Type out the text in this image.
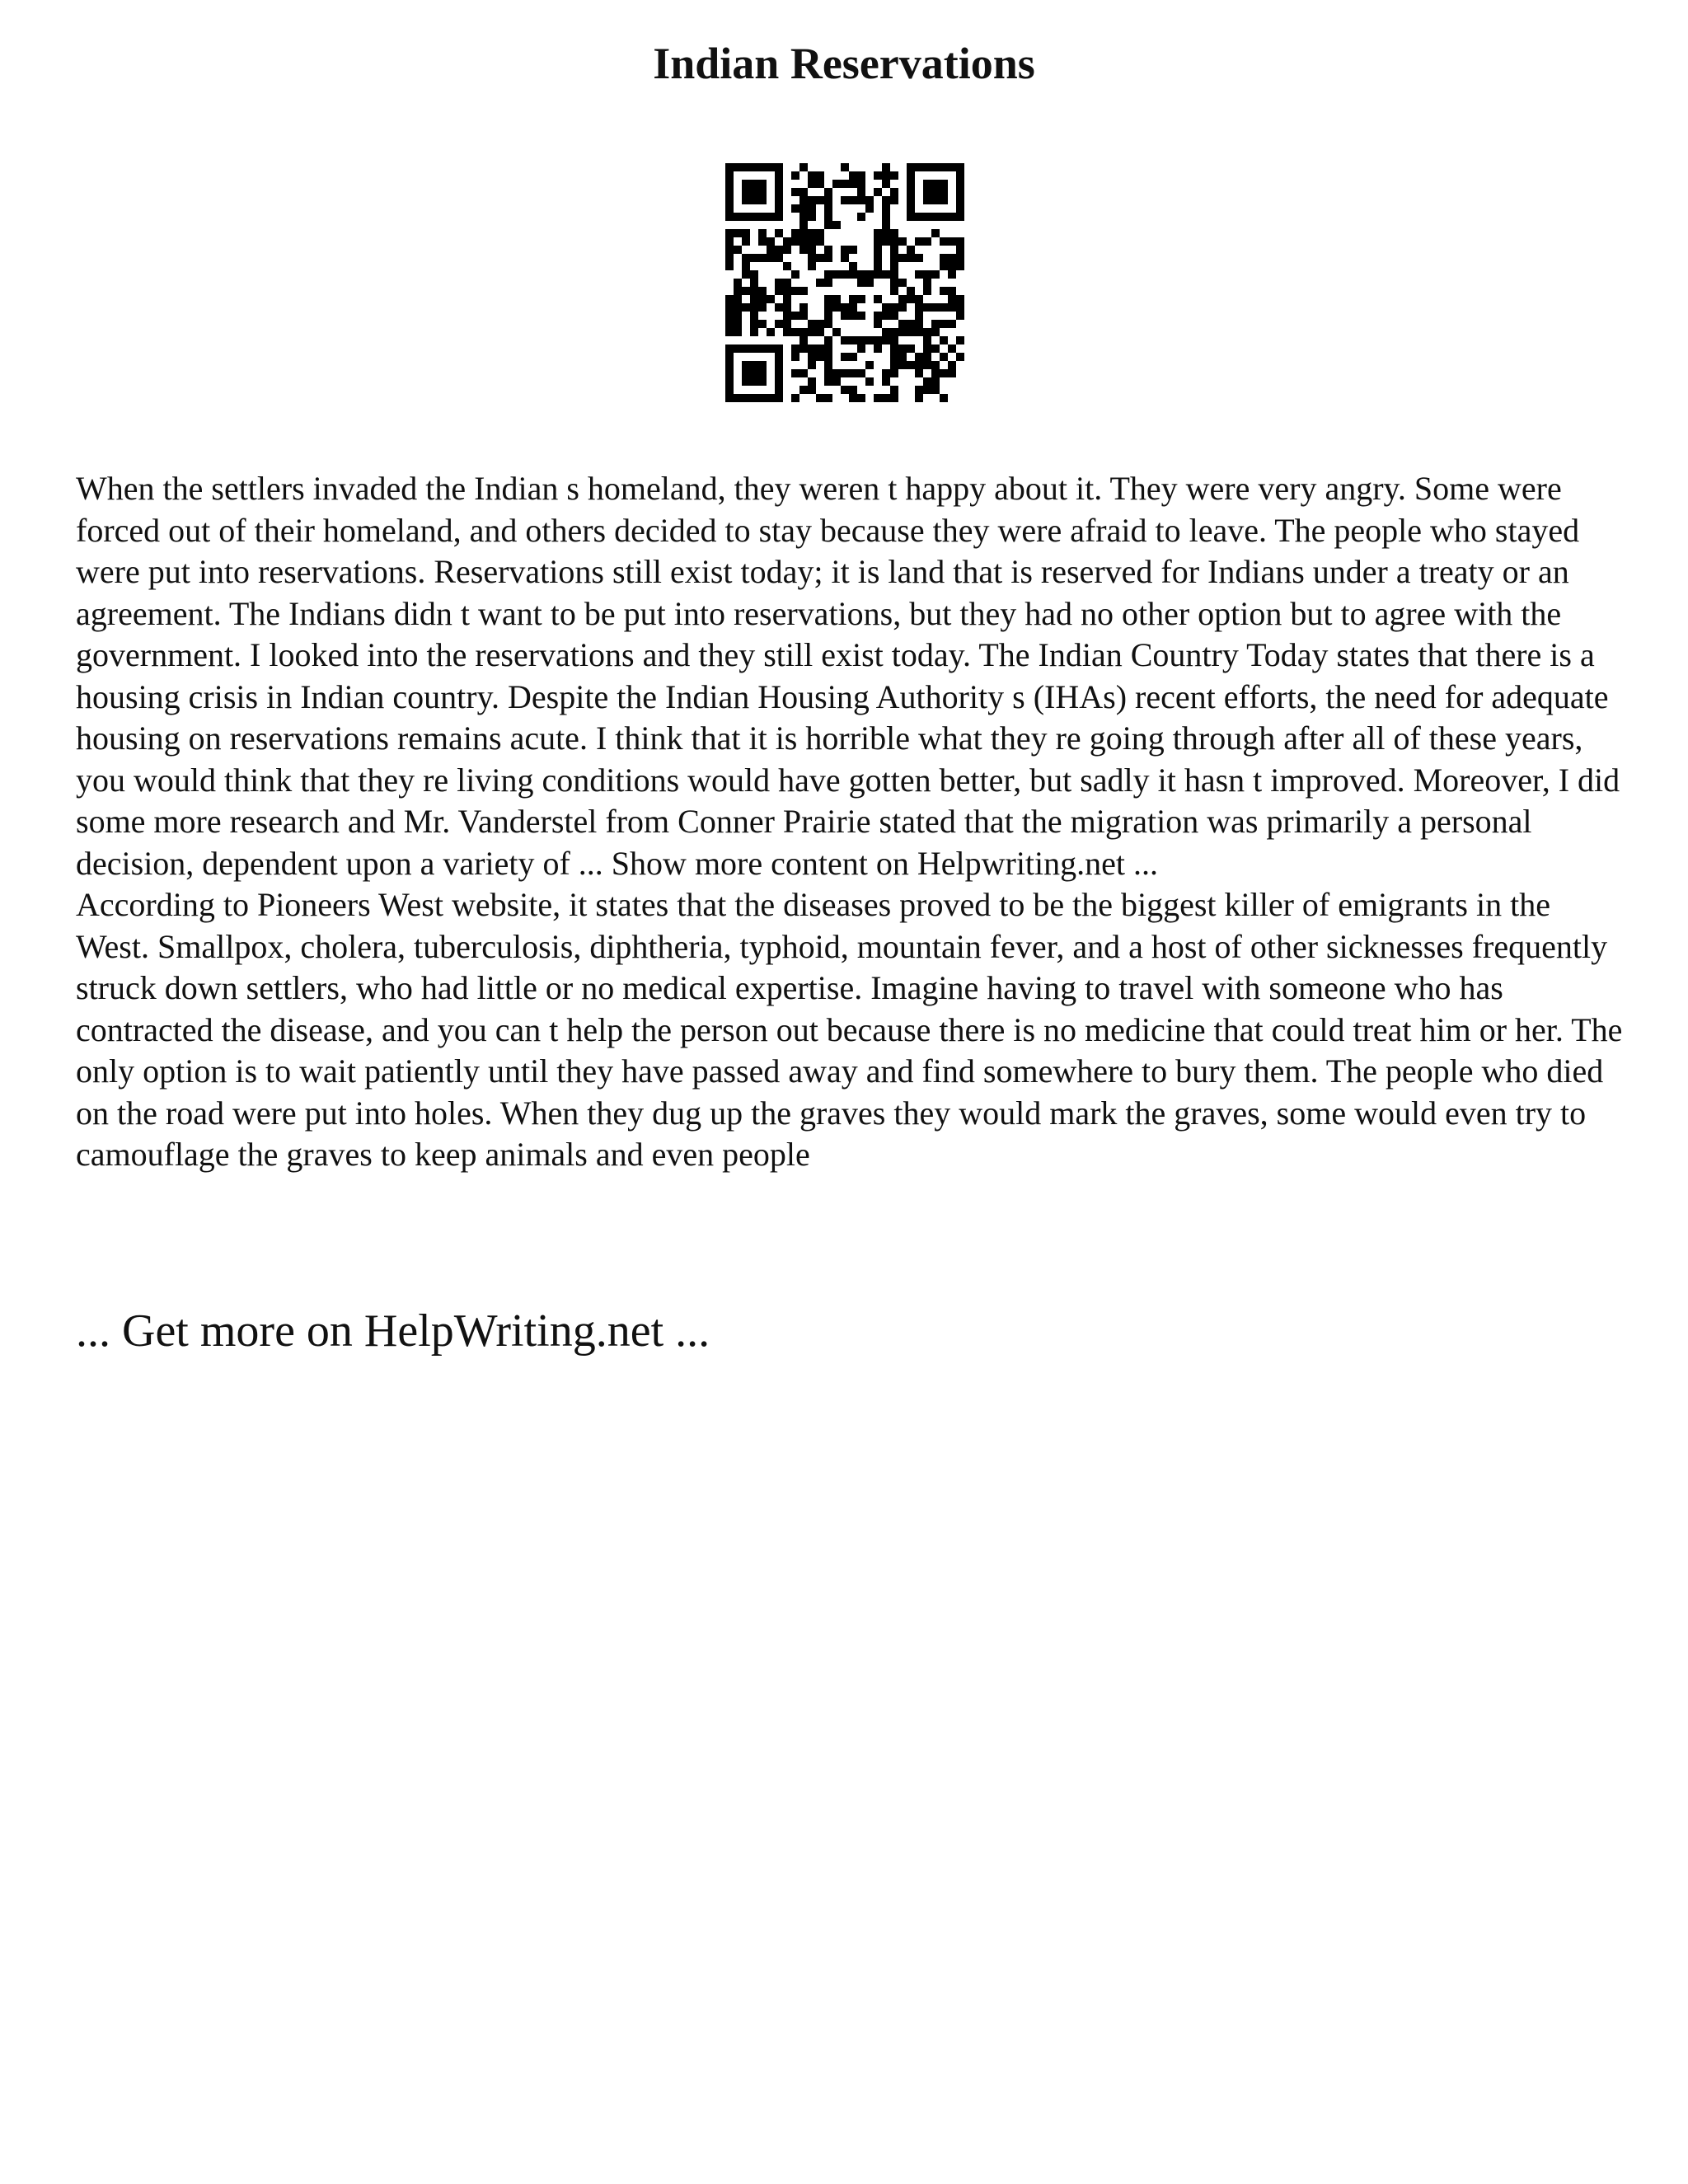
Indian Reservations

When the settlers invaded the Indian s homeland, they weren t happy about it. They were very angry. Some were forced out of their homeland, and others decided to stay because they were afraid to leave. The people who stayed were put into reservations. Reservations still exist today; it is land that is reserved for Indians under a treaty or an agreement. The Indians didn t want to be put into reservations, but they had no other option but to agree with the government. I looked into the reservations and they still exist today. The Indian Country Today states that there is a housing crisis in Indian country. Despite the Indian Housing Authority s (IHAs) recent efforts, the need for adequate housing on reservations remains acute. I think that it is horrible what they re going through after all of these years, you would think that they re living conditions would have gotten better, but sadly it hasn t improved. Moreover, I did some more research and Mr. Vanderstel from Conner Prairie stated that the migration was primarily a personal decision, dependent upon a variety of ... Show more content on Helpwriting.net ...

According to Pioneers West website, it states that the diseases proved to be the biggest killer of emigrants in the West. Smallpox, cholera, tuberculosis, diphtheria, typhoid, mountain fever, and a host of other sicknesses frequently struck down settlers, who had little or no medical expertise. Imagine having to travel with someone who has contracted the disease, and you can t help the person out because there is no medicine that could treat him or her. The only option is to wait patiently until they have passed away and find somewhere to bury them. The people who died on the road were put into holes. When they dug up the graves they would mark the graves, some would even try to camouflage the graves to keep animals and even people

... Get more on HelpWriting.net ...
